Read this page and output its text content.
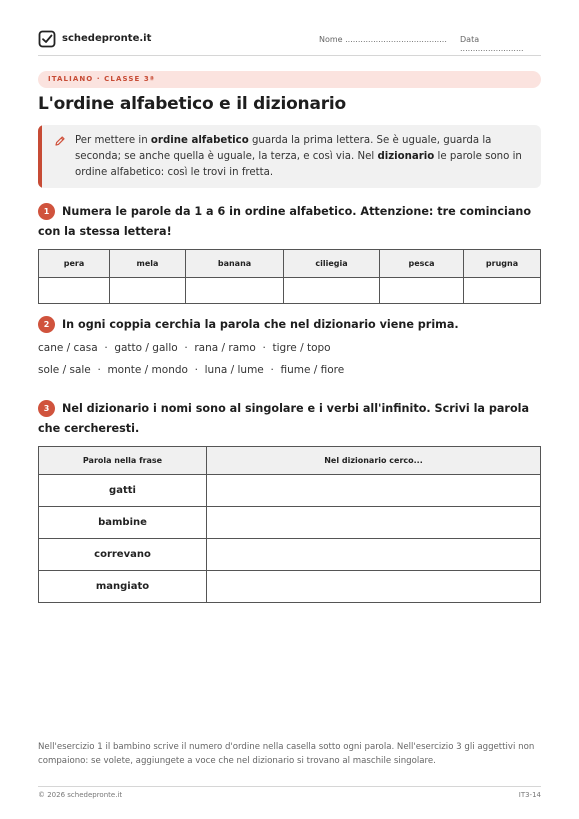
schedepronte.it	Nome ........................................ Data .........................
ITALIANO · CLASSE 3ª
L'ordine alfabetico e il dizionario
Per mettere in ordine alfabetico guarda la prima lettera. Se è uguale, guarda la seconda; se anche quella è uguale, la terza, e così via. Nel dizionario le parole sono in ordine alfabetico: così le trovi in fretta.
1 Numera le parole da 1 a 6 in ordine alfabetico. Attenzione: tre cominciano con la stessa lettera!
pera	mela	banana	ciliegia	pesca	prugna

2 In ogni coppia cerchia la parola che nel dizionario viene prima.
cane / casa  ·  gatto / gallo  ·  rana / ramo  ·  tigre / topo
sole / sale  ·  monte / mondo  ·  luna / lume  ·  fiume / fiore
3 Nel dizionario i nomi sono al singolare e i verbi all'infinito. Scrivi la parola che cercheresti.
Parola nella frase	Nel dizionario cerco...
gatti	
bambine	
correvano	
mangiato	
Nell'esercizio 1 il bambino scrive il numero d'ordine nella casella sotto ogni parola. Nell'esercizio 3 gli aggettivi non compaiono: se volete, aggiungete a voce che nel dizionario si trovano al maschile singolare.
© 2026 schedepronte.it	IT3-14
